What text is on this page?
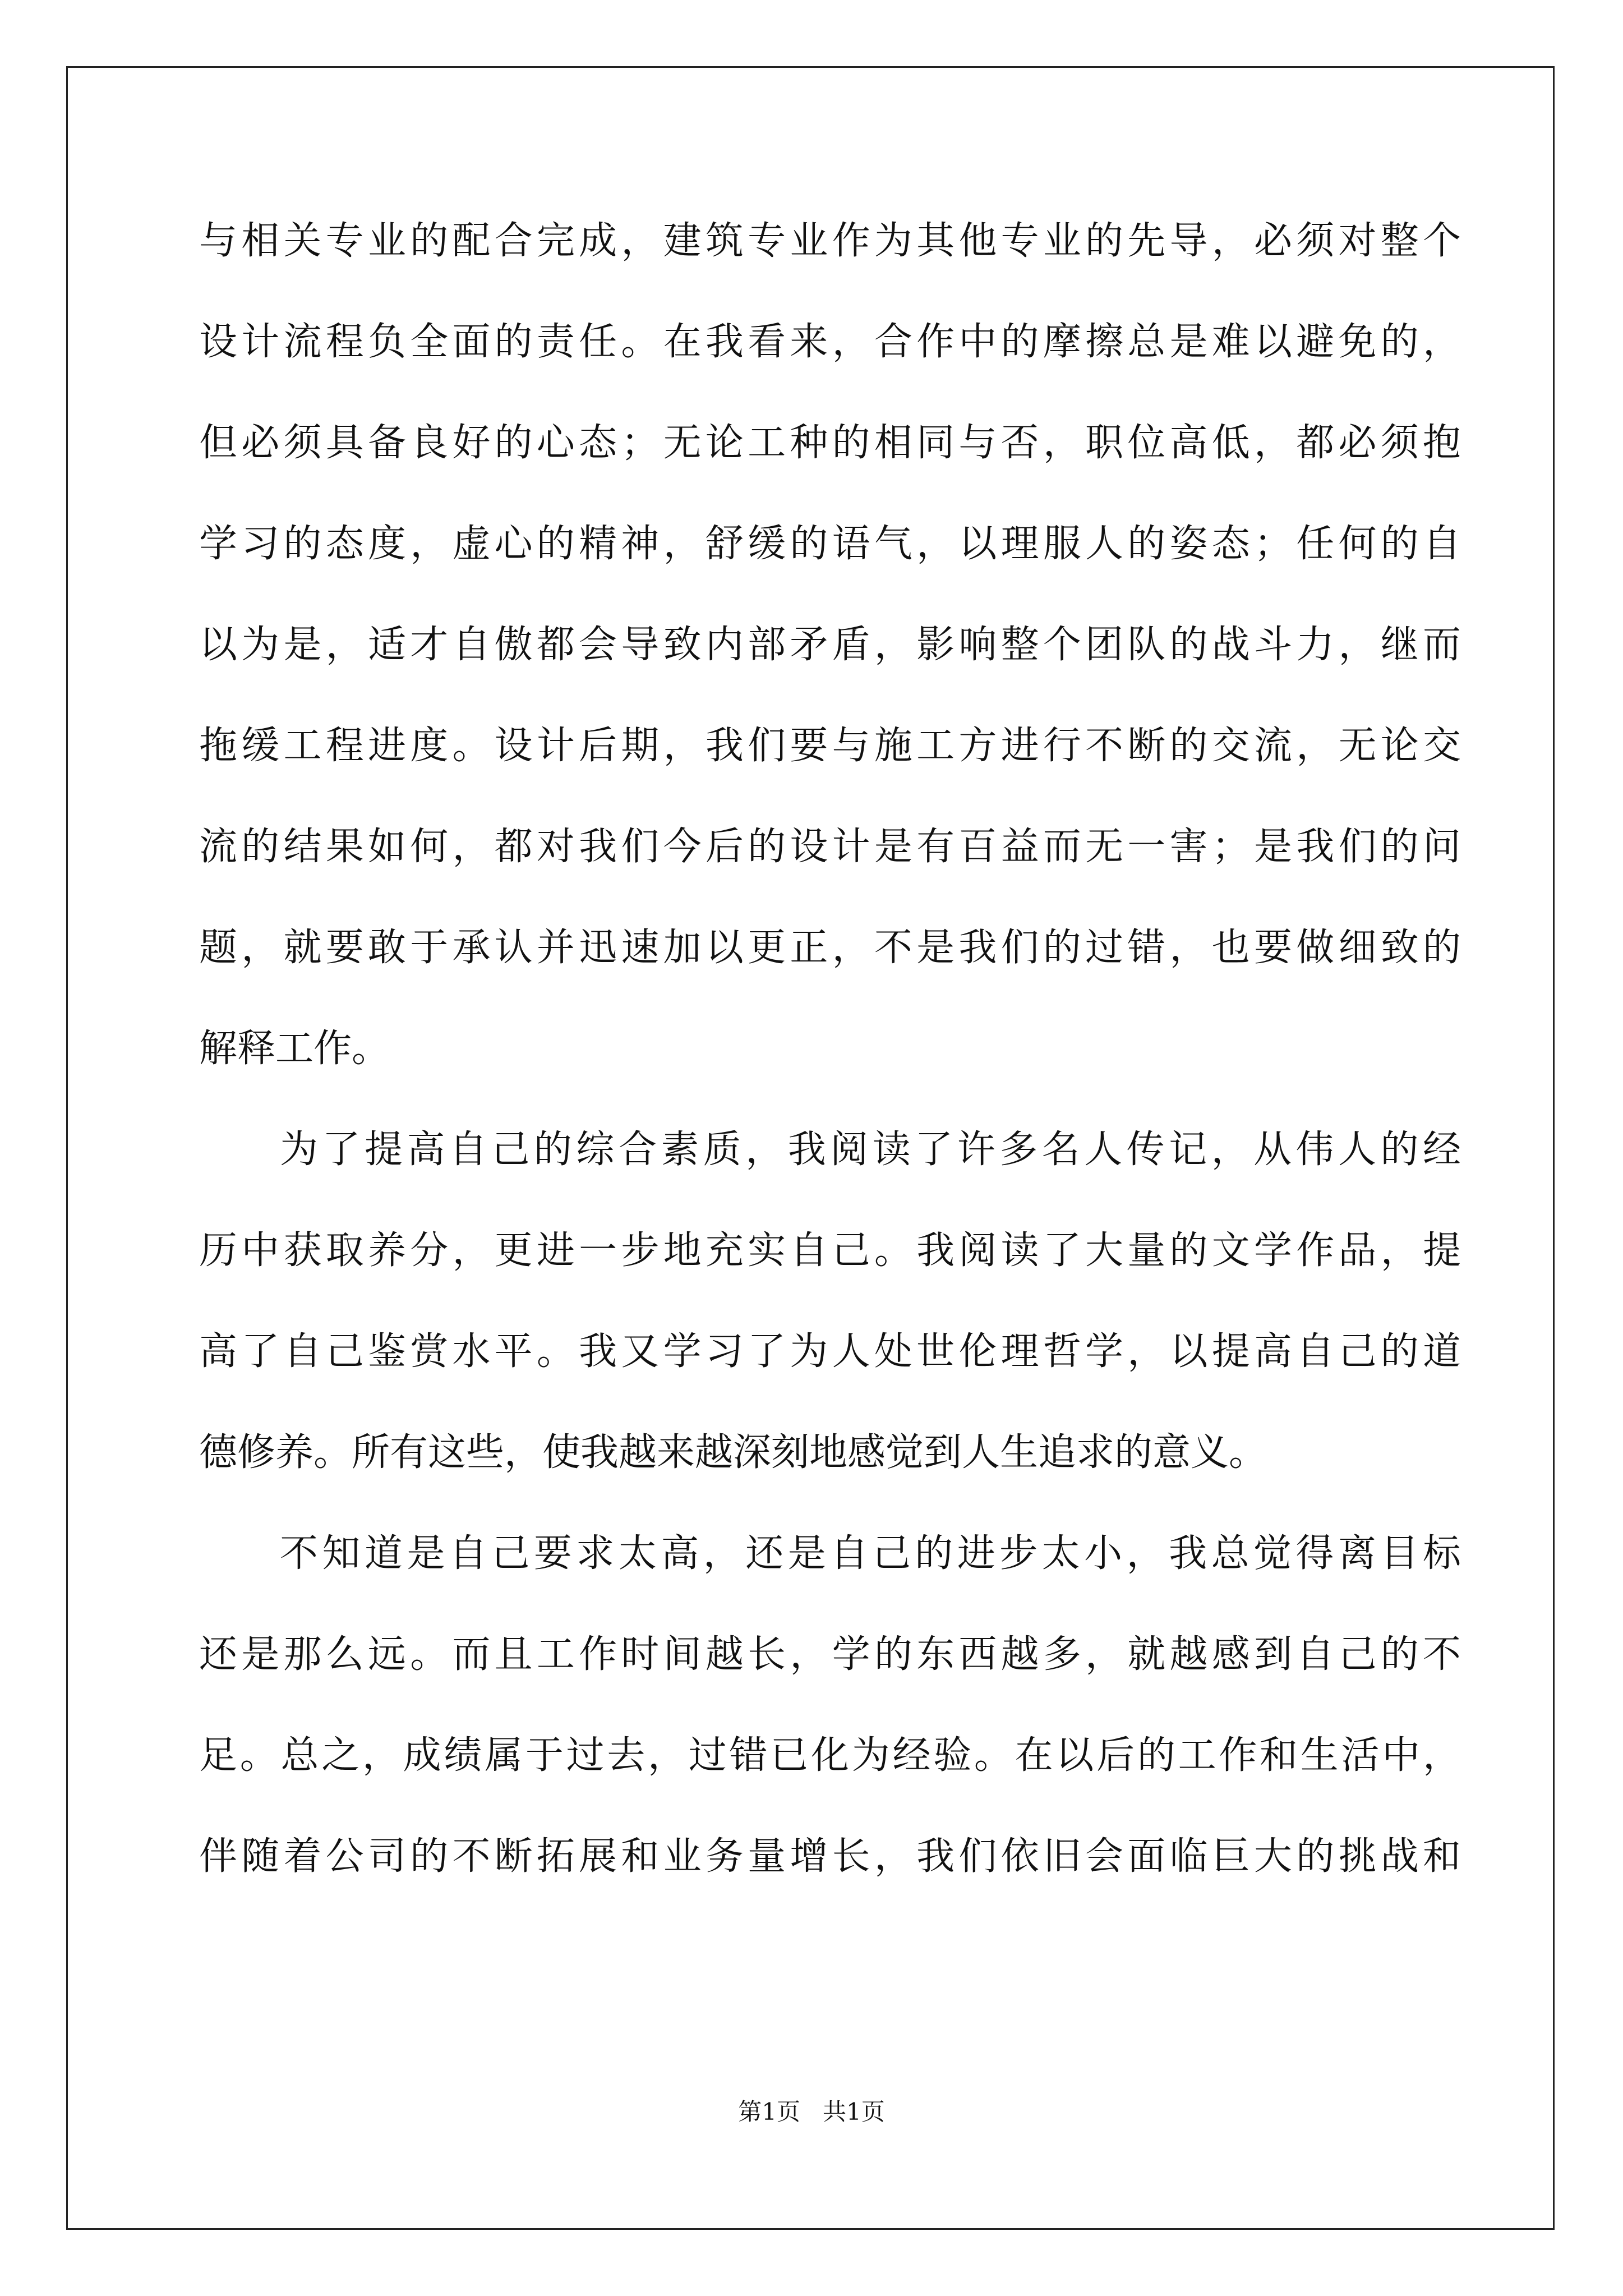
与相关专业的配合完成，建筑专业作为其他专业的先导，必须对整个
设计流程负全面的责任。在我看来，合作中的摩擦总是难以避免的，
但必须具备良好的心态；无论工种的相同与否，职位高低，都必须抱
学习的态度，虚心的精神，舒缓的语气，以理服人的姿态；任何的自
以为是，适才自傲都会导致内部矛盾，影响整个团队的战斗力，继而
拖缓工程进度。设计后期，我们要与施工方进行不断的交流，无论交
流的结果如何，都对我们今后的设计是有百益而无一害；是我们的问
题，就要敢于承认并迅速加以更正，不是我们的过错，也要做细致的
解释工作。
为了提高自己的综合素质，我阅读了许多名人传记，从伟人的经
历中获取养分，更进一步地充实自己。我阅读了大量的文学作品，提
高了自己鉴赏水平。我又学习了为人处世伦理哲学，以提高自己的道
德修养。所有这些，使我越来越深刻地感觉到人生追求的意义。
不知道是自己要求太高，还是自己的进步太小，我总觉得离目标
还是那么远。而且工作时间越长，学的东西越多，就越感到自己的不
足。总之，成绩属于过去，过错已化为经验。在以后的工作和生活中，
伴随着公司的不断拓展和业务量增长，我们依旧会面临巨大的挑战和
第1页   共1页
